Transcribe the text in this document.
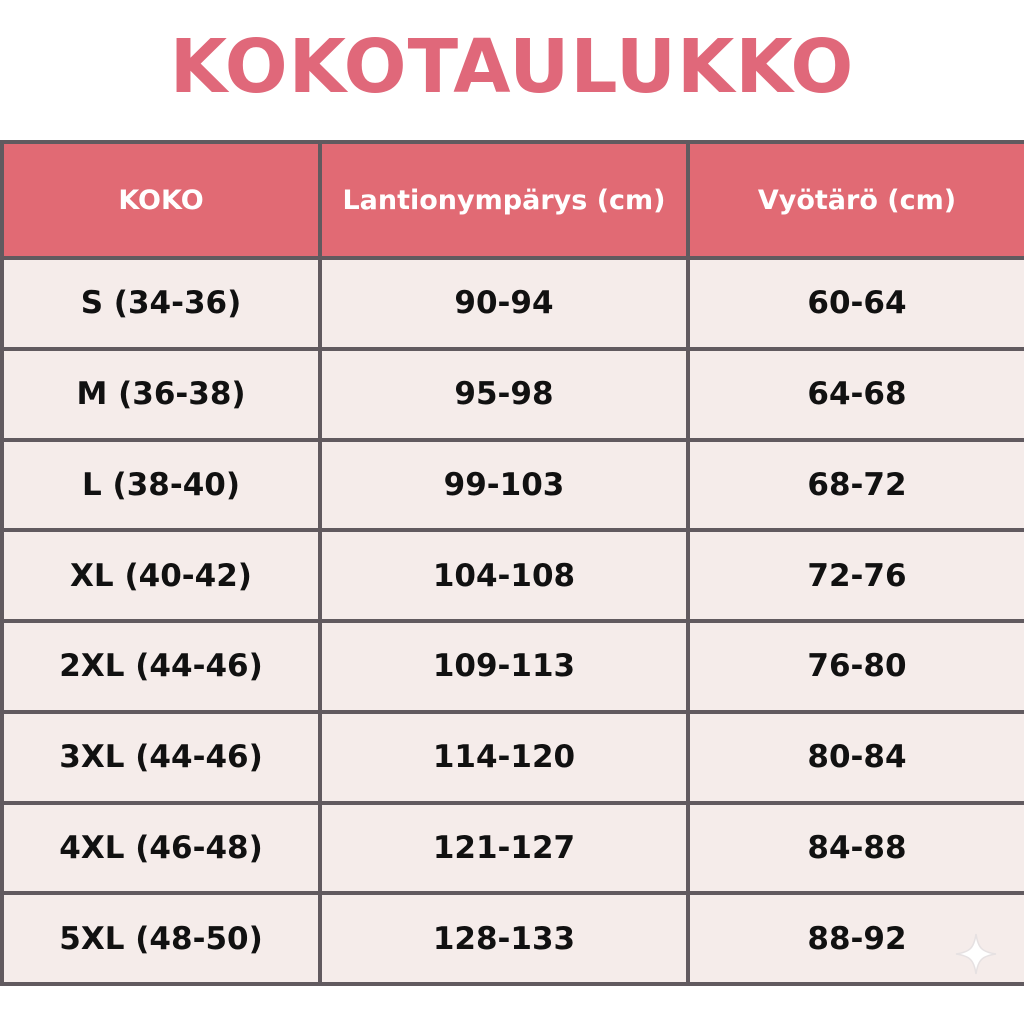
KOKOTAULUKKO
KOKO	Lantionympärys (cm)	Vyötärö (cm)
S (34-36)	90-94	60-64
M (36-38)	95-98	64-68
L (38-40)	99-103	68-72
XL (40-42)	104-108	72-76
2XL (44-46)	109-113	76-80
3XL (44-46)	114-120	80-84
4XL (46-48)	121-127	84-88
5XL (48-50)	128-133	88-92
